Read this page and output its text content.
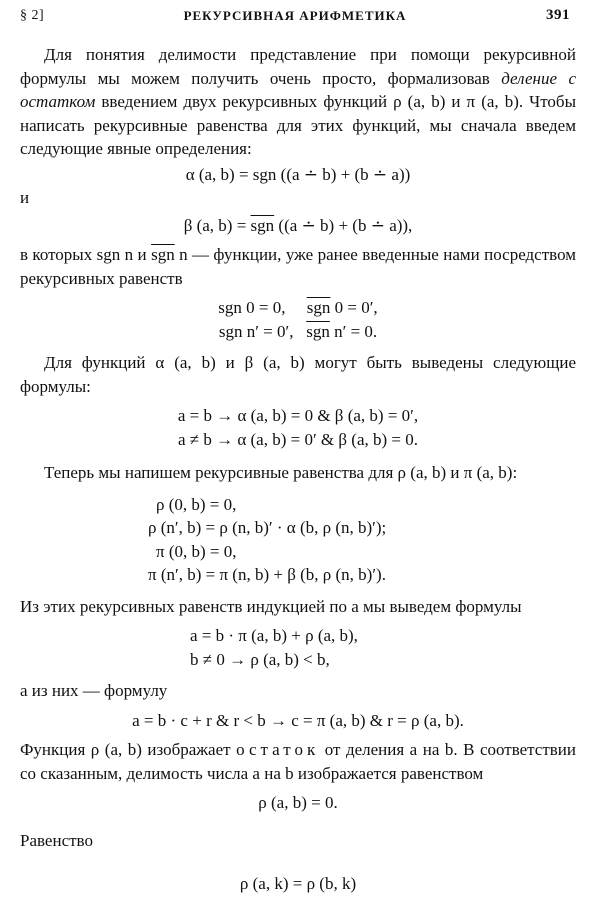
§ 2]	РЕКУРСИВНАЯ АРИФМЕТИКА	391

Для понятия делимости представление при помощи рекурсивной формулы мы можем получить очень просто, формализовав деление с остатком введением двух рекурсивных функций ρ (a, b) и π (a, b). Чтобы написать рекурсивные равенства для этих функций, мы сначала введем следующие явные определения:

α (a, b) = sgn ((a ∸ b) + (b ∸ a))

и

β (a, $b) = \overline{sgn}$ ((a ∸ b) + (b ∸ a)),

в которых sgn n и $\overline{sgn}$ n — функции, уже ранее введенные нами посредством рекурсивных равенств

sgn 0 = 0,     $\overline{sgn}$ 0 = 0′,

sgn n′ = 0′,   $\overline{sgn}$ n′ = 0.

Для функций α (a, b) и β (a, b) могут быть выведены следующие формулы:

a = b → α (a, b) = 0 & β (a, b) = 0′,

a ≠ b → α (a, b) = 0′ & β (a, b) = 0.

Теперь мы напишем рекурсивные равенства для ρ (a, b) и π (a, b):

ρ (0, b) = 0,

ρ (n′, b) = ρ (n, b)′ · α (b, ρ (n, b)′);

π (0, b) = 0,

π (n′, b) = π (n, b) + β (b, ρ (n, b)′).

Из этих рекурсивных равенств индукцией по a мы выведем формулы

a = b · π (a, b) + ρ (a, b),

b ≠ 0 → ρ (a, b) < b,

а из них — формулу

a = b · c + r & r < b → c = π (a, b) & r = ρ (a, b).

Функция ρ (a, b) изображает остаток от деления a на b. В соответствии со сказанным, делимость числа a на b изображается равенством

ρ (a, b) = 0.

Равенство

ρ (a, k) = ρ (b, k)
